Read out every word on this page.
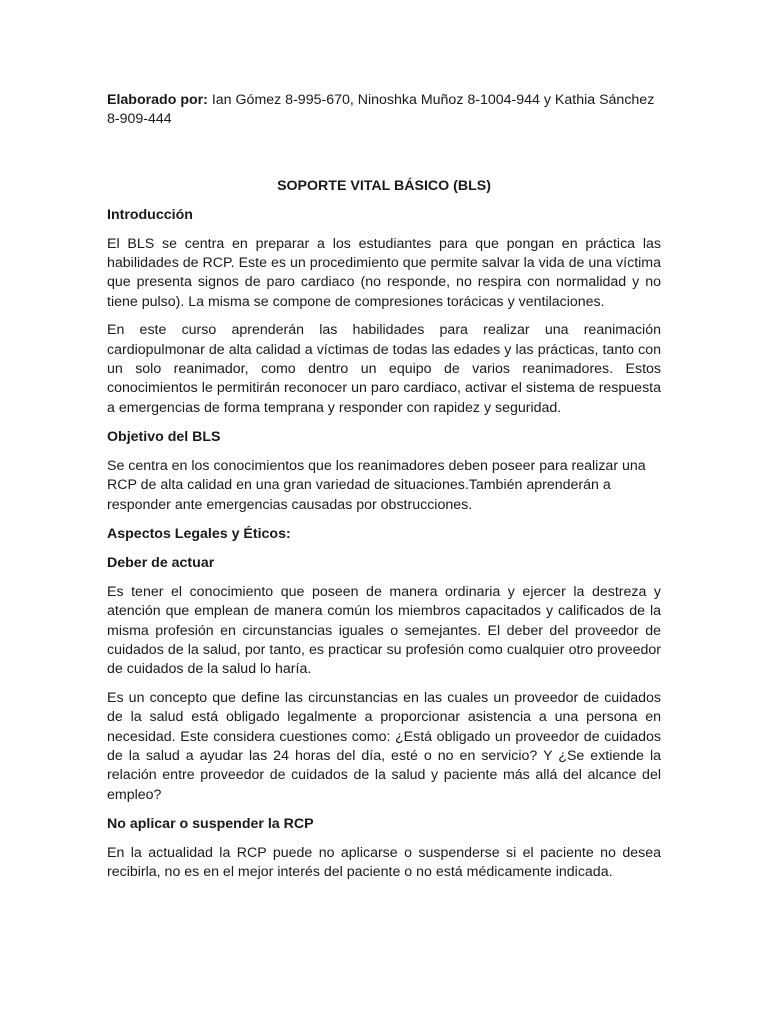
Elaborado por: Ian Gómez 8-995-670, Ninoshka Muñoz 8-1004-944 y Kathia Sánchez 8-909-444

SOPORTE VITAL BÁSICO (BLS)

Introducción

El BLS se centra en preparar a los estudiantes para que pongan en práctica las habilidades de RCP. Este es un procedimiento que permite salvar la vida de una víctima que presenta signos de paro cardiaco (no responde, no respira con normalidad y no tiene pulso). La misma se compone de compresiones torácicas y ventilaciones.

En este curso aprenderán las habilidades para realizar una reanimación cardiopulmonar de alta calidad a víctimas de todas las edades y las prácticas, tanto con un solo reanimador, como dentro un equipo de varios reanimadores. Estos conocimientos le permitirán reconocer un paro cardiaco, activar el sistema de respuesta a emergencias de forma temprana y responder con rapidez y seguridad.

Objetivo del BLS

Se centra en los conocimientos que los reanimadores deben poseer para realizar una RCP de alta calidad en una gran variedad de situaciones.También aprenderán a responder ante emergencias causadas por obstrucciones.

Aspectos Legales y Éticos:

Deber de actuar

Es tener el conocimiento que poseen de manera ordinaria y ejercer la destreza y atención que emplean de manera común los miembros capacitados y calificados de la misma profesión en circunstancias iguales o semejantes. El deber del proveedor de cuidados de la salud, por tanto, es practicar su profesión como cualquier otro proveedor de cuidados de la salud lo haría.

Es un concepto que define las circunstancias en las cuales un proveedor de cuidados de la salud está obligado legalmente a proporcionar asistencia a una persona en necesidad. Este considera cuestiones como: ¿Está obligado un proveedor de cuidados de la salud a ayudar las 24 horas del día, esté o no en servicio? Y ¿Se extiende la relación entre proveedor de cuidados de la salud y paciente más allá del alcance del empleo?

No aplicar o suspender la RCP

En la actualidad la RCP puede no aplicarse o suspenderse si el paciente no desea recibirla, no es en el mejor interés del paciente o no está médicamente indicada.
